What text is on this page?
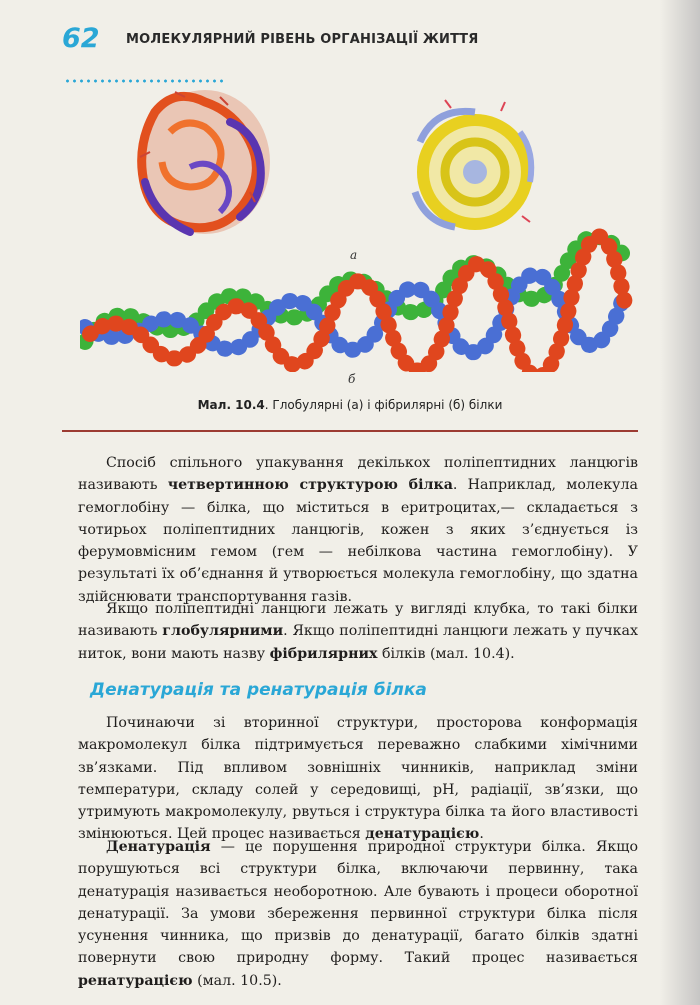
62 МОЛЕКУЛЯРНИЙ РІВЕНЬ ОРГАНІЗАЦІЇ ЖИТТЯ
а
б
Мал. 10.4. Глобулярні (а) і фібрилярні (б) білки

Спосіб спільного упакування декількох поліпептидних ланцюгів називають четвертинною структурою білка. Наприклад, молекула гемоглобіну — білка, що міститься в еритроцитах,— складається з чотирьох поліпептидних ланцюгів, кожен з яких з’єднується із ферумовмісним гемом (гем — небілкова частина гемоглобіну). У результаті їх об’єднання й утворюється молекула гемоглобіну, що здатна здійснювати транспортування газів.

Якщо поліпептидні ланцюги лежать у вигляді клубка, то такі білки називають глобулярними. Якщо поліпептидні ланцюги лежать у пучках ниток, вони мають назву фібрилярних білків (мал. 10.4).

Денатурація та ренатурація білка

Починаючи зі вторинної структури, просторова конформація макромолекул білка підтримується переважно слабкими хімічними зв’язками. Під впливом зовнішніх чинників, наприклад зміни температури, складу солей у середовищі, pH, радіації, зв’язки, що утримують макромолекулу, рвуться і структура білка та його властивості змінюються. Цей процес називається денатурацією.

Денатурація — це порушення природної структури білка. Якщо порушуються всі структури білка, включаючи первинну, така денатурація називається необоротною. Але бувають і процеси оборотної денатурації. За умови збереження первинної структури білка після усунення чинника, що призвів до денатурації, багато білків здатні повернути свою природну форму. Такий процес називається ренатурацією (мал. 10.5).
